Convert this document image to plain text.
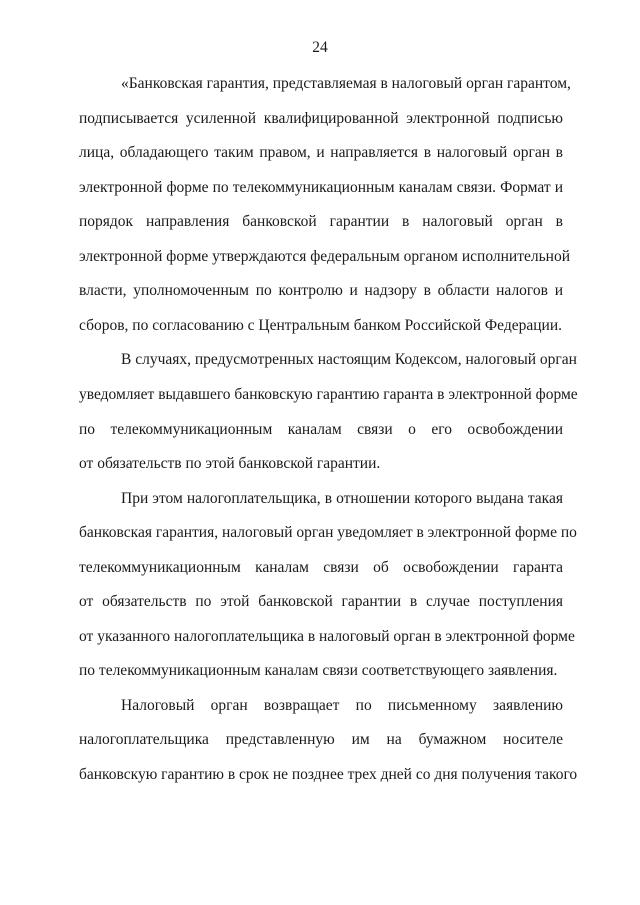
24
«Банковская гарантия, представляемая в налоговый орган гарантом,
подписывается усиленной квалифицированной электронной подписью
лица, обладающего таким правом, и направляется в налоговый орган в
электронной форме по телекоммуникационным каналам связи. Формат и
порядок направления банковской гарантии в налоговый орган в
электронной форме утверждаются федеральным органом исполнительной
власти, уполномоченным по контролю и надзору в области налогов и
сборов, по согласованию с Центральным банком Российской Федерации.
В случаях, предусмотренных настоящим Кодексом, налоговый орган
уведомляет выдавшего банковскую гарантию гаранта в электронной форме
по телекоммуникационным каналам связи о его освобождении
от обязательств по этой банковской гарантии.
При этом налогоплательщика, в отношении которого выдана такая
банковская гарантия, налоговый орган уведомляет в электронной форме по
телекоммуникационным каналам связи об освобождении гаранта
от обязательств по этой банковской гарантии в случае поступления
от указанного налогоплательщика в налоговый орган в электронной форме
по телекоммуникационным каналам связи соответствующего заявления.
Налоговый орган возвращает по письменному заявлению
налогоплательщика представленную им на бумажном носителе
банковскую гарантию в срок не позднее трех дней со дня получения такого
